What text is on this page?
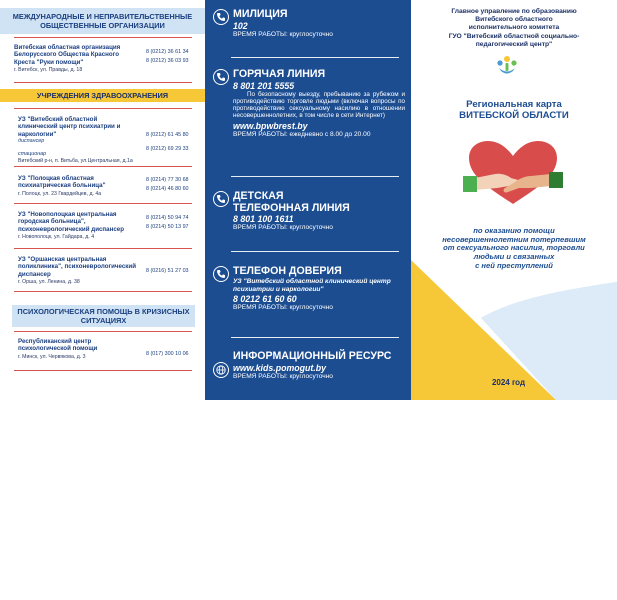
МЕЖДУНАРОДНЫЕ И НЕПРАВИТЕЛЬСТВЕННЫЕ ОБЩЕСТВЕННЫЕ ОРГАНИЗАЦИИ
Витебская областная организация Белорусского Общества Красного Креста "Руки помощи"
г. Витебск, ул. Правды, д. 18
8 (0212) 36 61 34
8 (0212) 36 03 93
УЧРЕЖДЕНИЯ ЗДРАВООХРАНЕНИЯ
УЗ "Витебский областной клинический центр психиатрии и наркологии"
диспансер
стационар
Витебский р-н, п. Витьба, ул.Центральная, д.1а
8 (0212) 61 45 80
8 (0212) 69 29 33
УЗ "Полоцкая областная психиатрическая больница"
г. Полоцк, ул. 23 Гвардейцев, д. 4а
8 (0214) 77 30 68
8 (0214) 46 80 60
УЗ "Новополоцкая центральная городская больница", психоневрологический диспансер
г. Новополоцк, ул. Гайдара, д. 4
8 (0214) 50 94 74
8 (0214) 50 13 97
УЗ "Оршанская центральная поликлиника", психоневрологический диспансер
г. Орша, ул. Ленина, д. 38
8 (0216) 51 27 03
ПСИХОЛОГИЧЕСКАЯ ПОМОЩЬ В КРИЗИСНЫХ СИТУАЦИЯХ
Республиканский центр психологической помощи
г. Минск, ул. Червякова, д. 3	8 (017) 300 10 06
МИЛИЦИЯ
102
ВРЕМЯ РАБОТЫ: круглосуточно
ГОРЯЧАЯ ЛИНИЯ
8 801 201 5555
По безопасному выезду, пребыванию за рубежом и противодействию торговле людьми (включая вопросы по противодействию сексуальному насилию в отношении несовершеннолетних, в том числе в сети Интернет)
www.bpwbrest.by
ВРЕМЯ РАБОТЫ: ежедневно с 8.00 до 20.00
ДЕТСКАЯ
ТЕЛЕФОННАЯ ЛИНИЯ
8 801 100 1611
ВРЕМЯ РАБОТЫ: круглосуточно
ТЕЛЕФОН ДОВЕРИЯ
УЗ "Витебский областной клинический центр психиатрии и наркологии"
8 0212 61 60 60
ВРЕМЯ РАБОТЫ: круглосуточно
ИНФОРМАЦИОННЫЙ РЕСУРС
www.kids.pomogut.by
ВРЕМЯ РАБОТЫ: круглосуточно
Главное управление по образованию
Витебского областного
исполнительного комитета
ГУО "Витебский областной социально-
педагогический центр"
Региональная карта
ВИТЕБСКОЙ ОБЛАСТИ
по оказанию помощи
несовершеннолетним потерпевшим
от сексуального насилия, торговли
людьми и связанных
с ней преступлений
2024 год
